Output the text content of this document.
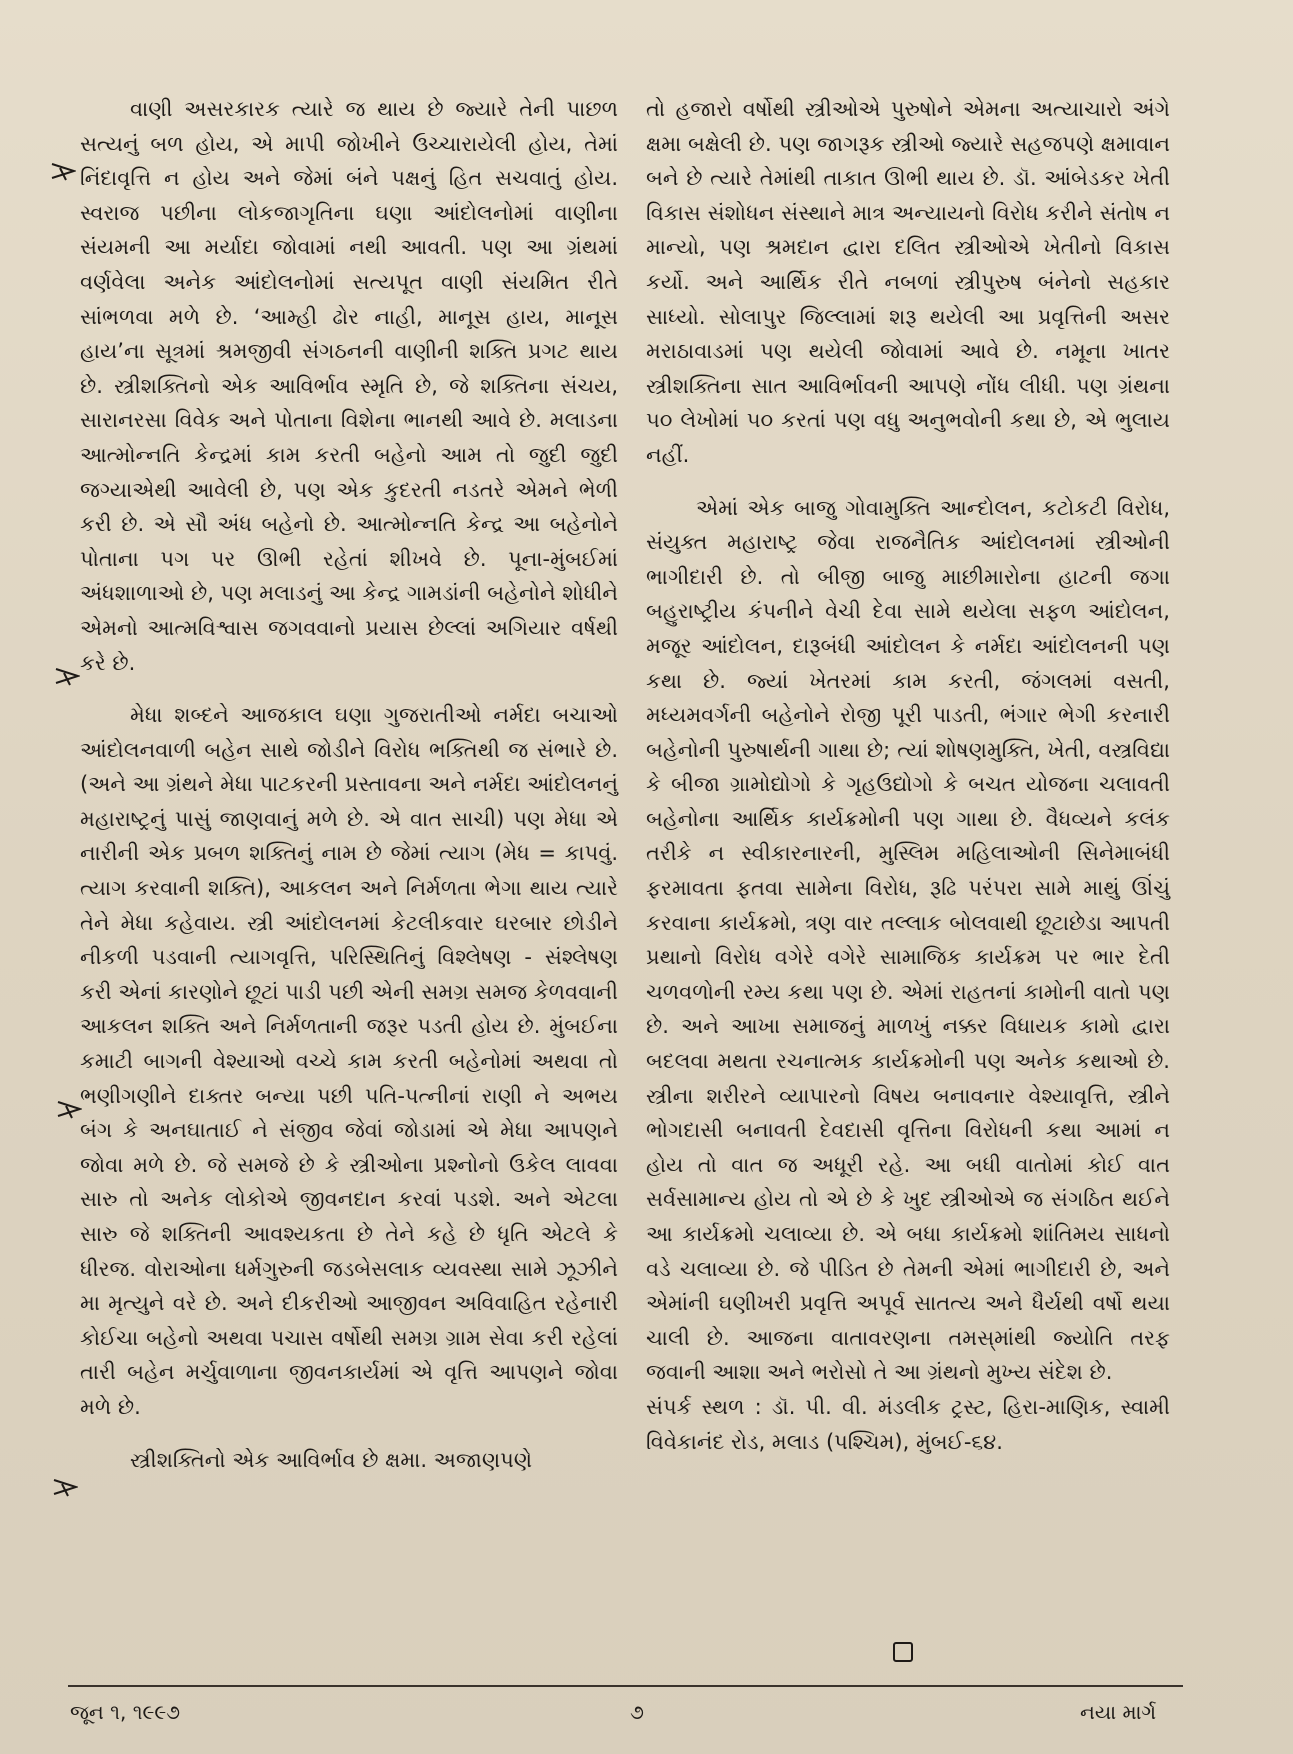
વાણી અસરકારક ત્યારે જ થાય છે જ્યારે તેની પાછળ સત્યનું બળ હોય, એ માપી જોખીને ઉચ્ચારાયેલી હોય, તેમાં નિંદાવૃત્તિ ન હોય અને જેમાં બંને પક્ષનું હિત સચવાતું હોય. સ્વરાજ પછીના લોકજાગૃતિના ઘણા આંદોલનોમાં વાણીના સંયમની આ મર્યાદા જોવામાં નથી આવતી. પણ આ ગ્રંથમાં વર્ણવેલા અનેક આંદોલનોમાં સત્યપૂત વાણી સંયમિત રીતે સાંભળવા મળે છે. ‘આમ્હી ઢોર નાહી, માનૂસ હાય, માનૂસ હાય’ના સૂત્રમાં શ્રમજીવી સંગઠનની વાણીની શક્તિ પ્રગટ થાય છે. સ્ત્રીશક્તિનો એક આવિર્ભાવ સ્મૃતિ છે, જે શક્તિના સંચય, સારાનરસા વિવેક અને પોતાના વિશેના ભાનથી આવે છે. મલાડના આત્મોન્નતિ કેન્દ્રમાં કામ કરતી બહેનો આમ તો જુદી જુદી જગ્યાએથી આવેલી છે, પણ એક કુદરતી નડતરે એમને ભેળી કરી છે. એ સૌ અંધ બહેનો છે. આત્મોન્નતિ કેન્દ્ર આ બહેનોને પોતાના પગ પર ઊભી રહેતાં શીખવે છે. પૂના-મુંબઈમાં અંધશાળાઓ છે, પણ મલાડનું આ કેન્દ્ર ગામડાંની બહેનોને શોધીને એમનો આત્મવિશ્વાસ જગવવાનો પ્રયાસ છેલ્લાં અગિયાર વર્ષથી કરે છે.

મેધા શબ્દને આજકાલ ઘણા ગુજરાતીઓ નર્મદા બચાઓ આંદોલનવાળી બહેન સાથે જોડીને વિરોધ ભક્તિથી જ સંભારે છે. (અને આ ગ્રંથને મેધા પાટકરની પ્રસ્તાવના અને નર્મદા આંદોલનનું મહારાષ્ટ્રનું પાસું જાણવાનું મળે છે. એ વાત સાચી) પણ મેધા એ નારીની એક પ્રબળ શક્તિનું નામ છે જેમાં ત્યાગ (મેધ = કાપવું. ત્યાગ કરવાની શક્તિ), આકલન અને નિર્મળતા ભેગા થાય ત્યારે તેને મેધા કહેવાય. સ્ત્રી આંદોલનમાં કેટલીકવાર ઘરબાર છોડીને નીકળી પડવાની ત્યાગવૃત્તિ, પરિસ્થિતિનું વિશ્લેષણ - સંશ્લેષણ કરી એનાં કારણોને છૂટાં પાડી પછી એની સમગ્ર સમજ કેળવવાની આકલન શક્તિ અને નિર્મળતાની જરૂર પડતી હોય છે. મુંબઈના કમાટી બાગની વેશ્યાઓ વચ્ચે કામ કરતી બહેનોમાં અથવા તો ભણીગણીને દાક્તર બન્યા પછી પતિ-પત્નીનાં રાણી ને અભય બંગ કે અનઘાતાઈ ને સંજીવ જેવાં જોડામાં એ મેધા આપણને જોવા મળે છે. જે સમજે છે કે સ્ત્રીઓના પ્રશ્નોનો ઉકેલ લાવવા સારુ તો અનેક લોકોએ જીવનદાન કરવાં પડશે. અને એટલા સારુ જે શક્તિની આવશ્યકતા છે તેને કહે છે ધૃતિ એટલે કે ધીરજ. વોરાઓના ધર્મગુરુની જડબેસલાક વ્યવસ્થા સામે ઝૂઝીને મા મૃત્યુને વરે છે. અને દીકરીઓ આજીવન અવિવાહિત રહેનારી કોઈચા બહેનો અથવા પચાસ વર્ષોથી સમગ્ર ગ્રામ સેવા કરી રહેલાં તારી બહેન મર્ચુવાળાના જીવનકાર્યમાં એ વૃત્તિ આપણને જોવા મળે છે.

સ્ત્રીશક્તિનો એક આવિર્ભાવ છે ક્ષમા. અજાણપણે

તો હજારો વર્ષોથી સ્ત્રીઓએ પુરુષોને એમના અત્યાચારો અંગે ક્ષમા બક્ષેલી છે. પણ જાગરૂક સ્ત્રીઓ જ્યારે સહજપણે ક્ષમાવાન બને છે ત્યારે તેમાંથી તાકાત ઊભી થાય છે. ડૉ. આંબેડકર ખેતી વિકાસ સંશોધન સંસ્થાને માત્ર અન્યાયનો વિરોધ કરીને સંતોષ ન માન્યો, પણ શ્રમદાન દ્વારા દલિત સ્ત્રીઓએ ખેતીનો વિકાસ કર્યો. અને આર્થિક રીતે નબળાં સ્ત્રીપુરુષ બંનેનો સહકાર સાધ્યો. સોલાપુર જિલ્લામાં શરૂ થયેલી આ પ્રવૃત્તિની અસર મરાઠાવાડમાં પણ થયેલી જોવામાં આવે છે. નમૂના ખાતર સ્ત્રીશક્તિના સાત આવિર્ભાવની આપણે નોંધ લીધી. પણ ગ્રંથના ૫૦ લેખોમાં ૫૦ કરતાં પણ વધુ અનુભવોની કથા છે, એ ભુલાય નહીં.

એમાં એક બાજુ ગોવામુક્તિ આન્દોલન, કટોકટી વિરોધ, સંયુક્ત મહારાષ્ટ્ર જેવા રાજનૈતિક આંદોલનમાં સ્ત્રીઓની ભાગીદારી છે. તો બીજી બાજુ માછીમારોના હાટની જગા બહુરાષ્ટ્રીય કંપનીને વેચી દેવા સામે થયેલા સફળ આંદોલન, મજૂર આંદોલન, દારૂબંધી આંદોલન કે નર્મદા આંદોલનની પણ કથા છે. જ્યાં ખેતરમાં કામ કરતી, જંગલમાં વસતી, મધ્યમવર્ગની બહેનોને રોજી પૂરી પાડતી, ભંગાર ભેગી કરનારી બહેનોની પુરુષાર્થની ગાથા છે; ત્યાં શોષણમુક્તિ, ખેતી, વસ્ત્રવિદ્યા કે બીજા ગ્રામોદ્યોગો કે ગૃહઉદ્યોગો કે બચત યોજના ચલાવતી બહેનોના આર્થિક કાર્યક્રમોની પણ ગાથા છે. વૈધવ્યને કલંક તરીકે ન સ્વીકારનારની, મુસ્લિમ મહિલાઓની સિનેમાબંધી ફરમાવતા ફતવા સામેના વિરોધ, રૂઢિ પરંપરા સામે માથું ઊંચું કરવાના કાર્યક્રમો, ત્રણ વાર તલ્લાક બોલવાથી છૂટાછેડા આપતી પ્રથાનો વિરોધ વગેરે વગેરે સામાજિક કાર્યક્રમ પર ભાર દેતી ચળવળોની રમ્ય કથા પણ છે. એમાં રાહતનાં કામોની વાતો પણ છે. અને આખા સમાજનું માળખું નક્કર વિધાયક કામો દ્વારા બદલવા મથતા રચનાત્મક કાર્યક્રમોની પણ અનેક કથાઓ છે. સ્ત્રીના શરીરને વ્યાપારનો વિષય બનાવનાર વેશ્યાવૃત્તિ, સ્ત્રીને ભોગદાસી બનાવતી દેવદાસી વૃત્તિના વિરોધની કથા આમાં ન હોય તો વાત જ અધૂરી રહે. આ બધી વાતોમાં કોઈ વાત સર્વસામાન્ય હોય તો એ છે કે ખુદ સ્ત્રીઓએ જ સંગઠિત થઈને આ કાર્યક્રમો ચલાવ્યા છે. એ બધા કાર્યક્રમો શાંતિમય સાધનો વડે ચલાવ્યા છે. જે પીડિત છે તેમની એમાં ભાગીદારી છે, અને એમાંની ઘણીખરી પ્રવૃત્તિ અપૂર્વ સાતત્ય અને ધૈર્યથી વર્ષો થયા ચાલી છે. આજના વાતાવરણના તમસ્‌માંથી જ્યોતિ તરફ જવાની આશા અને ભરોસો તે આ ગ્રંથનો મુખ્ય સંદેશ છે.

સંપર્ક સ્થળ : ડૉ. પી. વી. મંડલીક ટ્રસ્ટ, હિરા-માણિક, સ્વામી વિવેકાનંદ રોડ, મલાડ (પશ્ચિમ), મુંબઈ-૬૪.

જૂન ૧, ૧૯૯૭	૭	નયા માર્ગ
